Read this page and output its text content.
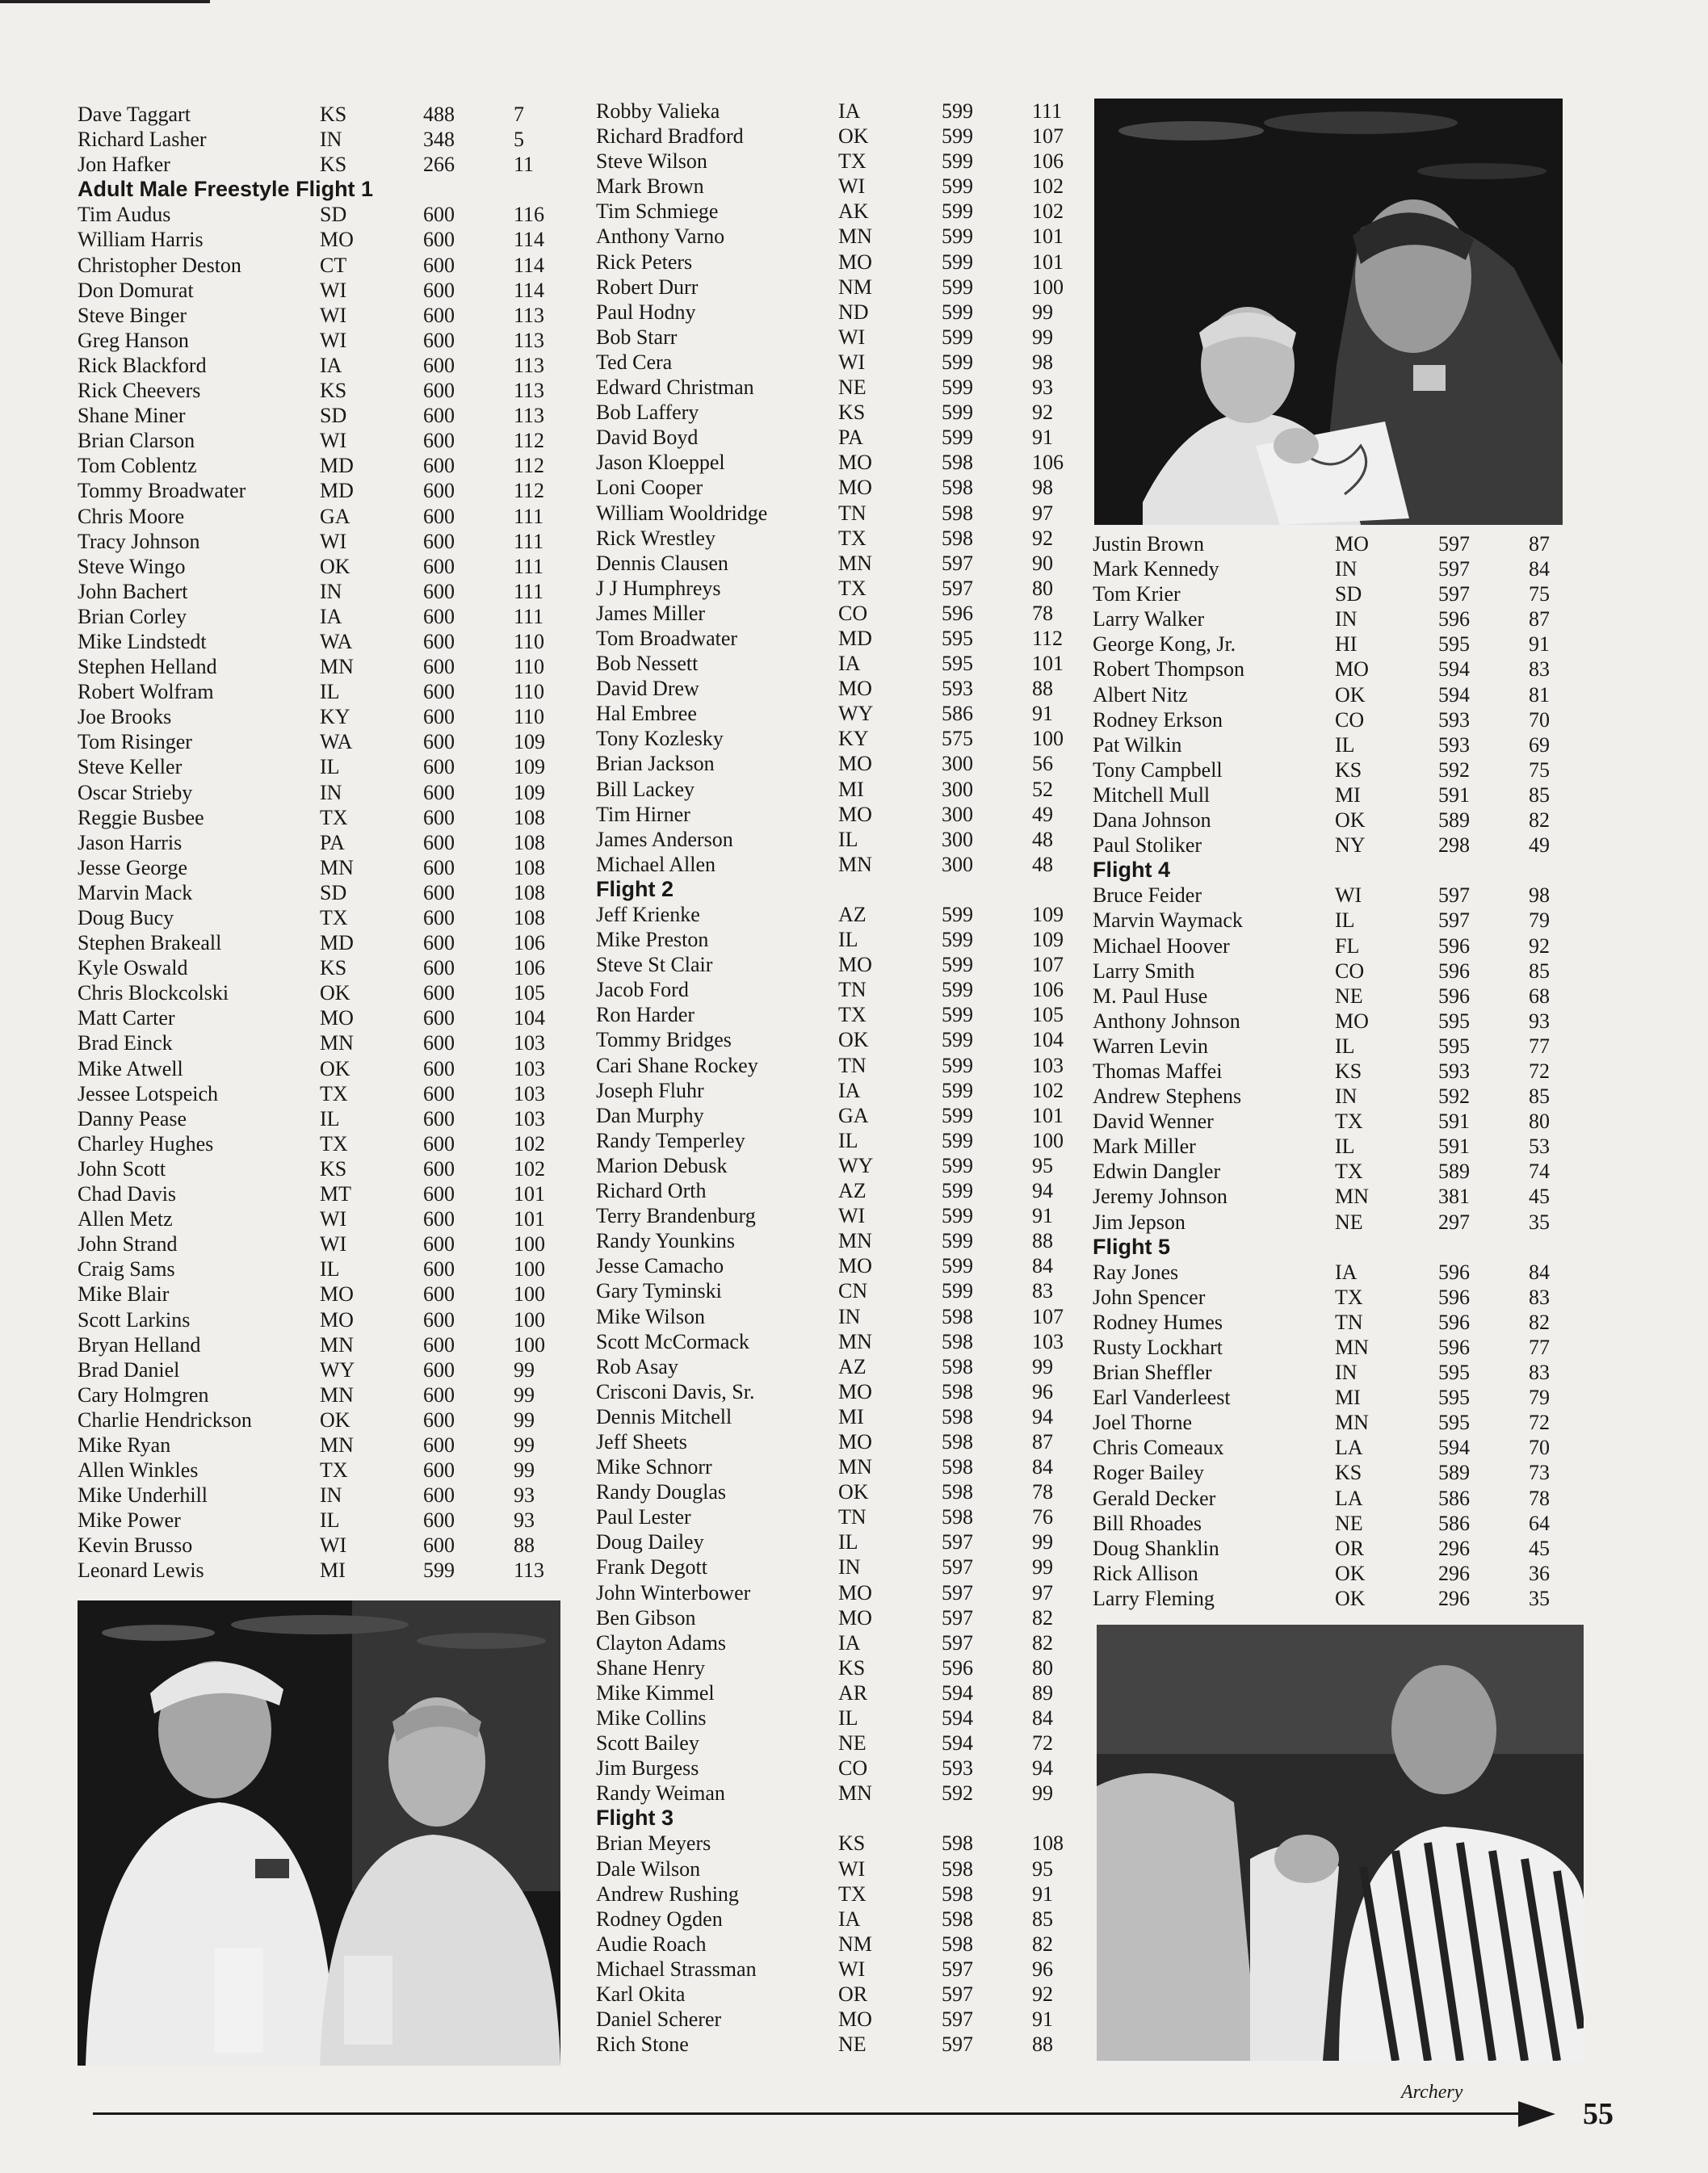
Dave Taggart	KS	488	7
Richard Lasher	IN	348	5
Jon Hafker	KS	266	11
Adult Male Freestyle Flight 1
Tim Audus	SD	600	116
William Harris	MO	600	114
Christopher Deston	CT	600	114
Don Domurat	WI	600	114
Steve Binger	WI	600	113
Greg Hanson	WI	600	113
Rick Blackford	IA	600	113
Rick Cheevers	KS	600	113
Shane Miner	SD	600	113
Brian Clarson	WI	600	112
Tom Coblentz	MD	600	112
Tommy Broadwater	MD	600	112
Chris Moore	GA	600	111
Tracy Johnson	WI	600	111
Steve Wingo	OK	600	111
John Bachert	IN	600	111
Brian Corley	IA	600	111
Mike Lindstedt	WA	600	110
Stephen Helland	MN	600	110
Robert Wolfram	IL	600	110
Joe Brooks	KY	600	110
Tom Risinger	WA	600	109
Steve Keller	IL	600	109
Oscar Strieby	IN	600	109
Reggie Busbee	TX	600	108
Jason Harris	PA	600	108
Jesse George	MN	600	108
Marvin Mack	SD	600	108
Doug Bucy	TX	600	108
Stephen Brakeall	MD	600	106
Kyle Oswald	KS	600	106
Chris Blockcolski	OK	600	105
Matt Carter	MO	600	104
Brad Einck	MN	600	103
Mike Atwell	OK	600	103
Jessee Lotspeich	TX	600	103
Danny Pease	IL	600	103
Charley Hughes	TX	600	102
John Scott	KS	600	102
Chad Davis	MT	600	101
Allen Metz	WI	600	101
John Strand	WI	600	100
Craig Sams	IL	600	100
Mike Blair	MO	600	100
Scott Larkins	MO	600	100
Bryan Helland	MN	600	100
Brad Daniel	WY	600	99
Cary Holmgren	MN	600	99
Charlie Hendrickson	OK	600	99
Mike Ryan	MN	600	99
Allen Winkles	TX	600	99
Mike Underhill	IN	600	93
Mike Power	IL	600	93
Kevin Brusso	WI	600	88
Leonard Lewis	MI	599	113
Robby Valieka	IA	599	111
Richard Bradford	OK	599	107
Steve Wilson	TX	599	106
Mark Brown	WI	599	102
Tim Schmiege	AK	599	102
Anthony Varno	MN	599	101
Rick Peters	MO	599	101
Robert Durr	NM	599	100
Paul Hodny	ND	599	99
Bob Starr	WI	599	99
Ted Cera	WI	599	98
Edward Christman	NE	599	93
Bob Laffery	KS	599	92
David Boyd	PA	599	91
Jason Kloeppel	MO	598	106
Loni Cooper	MO	598	98
William Wooldridge	TN	598	97
Rick Wrestley	TX	598	92
Dennis Clausen	MN	597	90
J J Humphreys	TX	597	80
James Miller	CO	596	78
Tom Broadwater	MD	595	112
Bob Nessett	IA	595	101
David Drew	MO	593	88
Hal Embree	WY	586	91
Tony Kozlesky	KY	575	100
Brian Jackson	MO	300	56
Bill Lackey	MI	300	52
Tim Hirner	MO	300	49
James Anderson	IL	300	48
Michael Allen	MN	300	48
Flight 2
Jeff Krienke	AZ	599	109
Mike Preston	IL	599	109
Steve St Clair	MO	599	107
Jacob Ford	TN	599	106
Ron Harder	TX	599	105
Tommy Bridges	OK	599	104
Cari Shane Rockey	TN	599	103
Joseph Fluhr	IA	599	102
Dan Murphy	GA	599	101
Randy Temperley	IL	599	100
Marion Debusk	WY	599	95
Richard Orth	AZ	599	94
Terry Brandenburg	WI	599	91
Randy Younkins	MN	599	88
Jesse Camacho	MO	599	84
Gary Tyminski	CN	599	83
Mike Wilson	IN	598	107
Scott McCormack	MN	598	103
Rob Asay	AZ	598	99
Crisconi Davis, Sr.	MO	598	96
Dennis Mitchell	MI	598	94
Jeff Sheets	MO	598	87
Mike Schnorr	MN	598	84
Randy Douglas	OK	598	78
Paul Lester	TN	598	76
Doug Dailey	IL	597	99
Frank Degott	IN	597	99
John Winterbower	MO	597	97
Ben Gibson	MO	597	82
Clayton Adams	IA	597	82
Shane Henry	KS	596	80
Mike Kimmel	AR	594	89
Mike Collins	IL	594	84
Scott Bailey	NE	594	72
Jim Burgess	CO	593	94
Randy Weiman	MN	592	99
Flight 3
Brian Meyers	KS	598	108
Dale Wilson	WI	598	95
Andrew Rushing	TX	598	91
Rodney Ogden	IA	598	85
Audie Roach	NM	598	82
Michael Strassman	WI	597	96
Karl Okita	OR	597	92
Daniel Scherer	MO	597	91
Rich Stone	NE	597	88
Justin Brown	MO	597	87
Mark Kennedy	IN	597	84
Tom Krier	SD	597	75
Larry Walker	IN	596	87
George Kong, Jr.	HI	595	91
Robert Thompson	MO	594	83
Albert Nitz	OK	594	81
Rodney Erkson	CO	593	70
Pat Wilkin	IL	593	69
Tony Campbell	KS	592	75
Mitchell Mull	MI	591	85
Dana Johnson	OK	589	82
Paul Stoliker	NY	298	49
Flight 4
Bruce Feider	WI	597	98
Marvin Waymack	IL	597	79
Michael Hoover	FL	596	92
Larry Smith	CO	596	85
M. Paul Huse	NE	596	68
Anthony Johnson	MO	595	93
Warren Levin	IL	595	77
Thomas Maffei	KS	593	72
Andrew Stephens	IN	592	85
David Wenner	TX	591	80
Mark Miller	IL	591	53
Edwin Dangler	TX	589	74
Jeremy Johnson	MN	381	45
Jim Jepson	NE	297	35
Flight 5
Ray Jones	IA	596	84
John Spencer	TX	596	83
Rodney Humes	TN	596	82
Rusty Lockhart	MN	596	77
Brian Sheffler	IN	595	83
Earl Vanderleest	MI	595	79
Joel Thorne	MN	595	72
Chris Comeaux	LA	594	70
Roger Bailey	KS	589	73
Gerald Decker	LA	586	78
Bill Rhoades	NE	586	64
Doug Shanklin	OR	296	45
Rick Allison	OK	296	36
Larry Fleming	OK	296	35
Archery
55
